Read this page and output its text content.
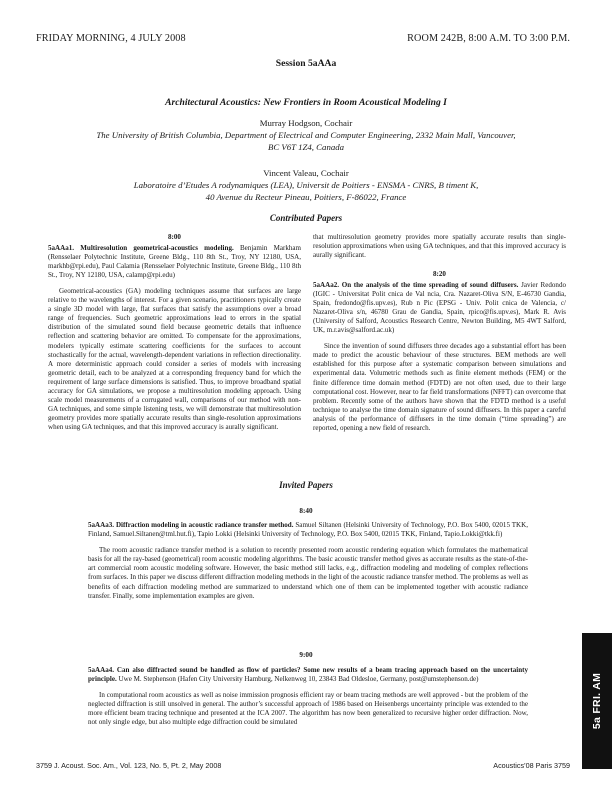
FRIDAY MORNING, 4 JULY 2008	ROOM 242B, 8:00 A.M. TO 3:00 P.M.
Session 5aAAa
Architectural Acoustics: New Frontiers in Room Acoustical Modeling I
Murray Hodgson, Cochair
The University of British Columbia, Department of Electrical and Computer Engineering, 2332 Main Mall, Vancouver,
BC V6T 1Z4, Canada
Vincent Valeau, Cochair
Laboratoire d’Etudes A rodynamiques (LEA), Universit de Poitiers - ENSMA - CNRS, B timent K,
40 Avenue du Recteur Pineau, Poitiers, F-86022, France
Contributed Papers

8:00

5aAAa1. Multiresolution geometrical-acoustics modeling. Benjamin Markham (Rensselaer Polytechnic Institute, Greene Bldg., 110 8th St., Troy, NY 12180, USA, markhb@rpi.edu), Paul Calamia (Rensselaer Polytechnic Institute, Greene Bldg., 110 8th St., Troy, NY 12180, USA, calamp@rpi.edu)

Geometrical-acoustics (GA) modeling techniques assume that surfaces are large relative to the wavelengths of interest. For a given scenario, practitioners typically create a single 3D model with large, flat surfaces that satisfy the assumptions over a broad range of frequencies. Such geometric approximations lead to errors in the spatial distribution of the simulated sound field because geometric details that influence reflection and scattering behavior are omitted. To compensate for the approximations, modelers typically estimate scattering coefficients for the surfaces to account stochastically for the actual, wavelength-dependent variations in reflection directionality. A more deterministic approach could consider a series of models with increasing geometric detail, each to be analyzed at a corresponding frequency band for which the requirement of large surface dimensions is satisfied. Thus, to improve broadband spatial accuracy for GA simulations, we propose a multiresolution modeling approach. Using scale model measurements of a corrugated wall, comparisons of our method with non-GA techniques, and some simple listening tests, we will demonstrate that multiresolution geometry provides more spatially accurate results than single-resolution approximations when using GA techniques, and that this improved accuracy is aurally significant.

that multiresolution geometry provides more spatially accurate results than single-resolution approximations when using GA techniques, and that this improved accuracy is aurally significant.

8:20

5aAAa2. On the analysis of the time spreading of sound diffusers. Javier Redondo (IGIC - Universitat Polit cnica de Val ncia, Cra. Nazaret-Oliva S/N, E-46730 Gandia, Spain, fredondo@fis.upv.es), Rub n Pic (EPSG - Univ. Polit cnica de Valencia, c/ Nazaret-Oliva s/n, 46780 Grau de Gandia, Spain, rpico@fis.upv.es), Mark R. Avis (University of Salford, Acoustics Research Centre, Newton Building, M5 4WT Salford, UK, m.r.avis@salford.ac.uk)

Since the invention of sound diffusers three decades ago a substantial effort has been made to predict the acoustic behaviour of these structures. BEM methods are well established for this purpose after a systematic comparison between simulations and experimental data. Volumetric methods such as finite element methods (FEM) or the finite difference time domain method (FDTD) are not often used, due to their large computational cost. However, near to far field transformations (NFFT) can overcome that problem. Recently some of the authors have shown that the FDTD method is a useful technique to analyse the time domain signature of sound diffusers. In this paper a careful analysis of the performance of diffusers in the time domain (“time spreading”) are reported, opening a new field of research.

Invited Papers
8:40

5aAAa3. Diffraction modeling in acoustic radiance transfer method. Samuel Siltanen (Helsinki University of Technology, P.O. Box 5400, 02015 TKK, Finland, Samuel.Siltanen@tml.hut.fi), Tapio Lokki (Helsinki University of Technology, P.O. Box 5400, 02015 TKK, Finland, Tapio.Lokki@tkk.fi)

The room acoustic radiance transfer method is a solution to recently presented room acoustic rendering equation which formulates the mathematical basis for all the ray-based (geometrical) room acoustic modeling algorithms. The basic acoustic transfer method gives as accurate results as the state-of-the-art commercial room acoustic modeling software. However, the basic method still lacks, e.g., diffraction modeling and modeling of complex reflections from surfaces. In this paper we discuss different diffraction modeling methods in the light of the acoustic radiance transfer method. The problems as well as benefits of each diffraction modeling method are summarized to understand which one of them can be implemented together with acoustic radiance transfer. Finally, some implementation examples are given.

9:00

5aAAa4. Can also diffracted sound be handled as flow of particles? Some new results of a beam tracing approach based on the uncertainty principle. Uwe M. Stephenson (Hafen City University Hamburg, Nelkenweg 10, 23843 Bad Oldesloe, Germany, post@umstephenson.de)

In computational room acoustics as well as noise immission prognosis efficient ray or beam tracing methods are well approved - but the problem of the neglected diffraction is still unsolved in general. The author’s successful approach of 1986 based on Heisenbergs uncertainty principle was extended to the more efficient beam tracing technique and presented at the ICA 2007. The algorithm has now been generalized to recursive higher order diffraction. Now, not only single edge, but also multiple edge diffraction could be simulated	5a FRI. AM
3759 J. Acoust. Soc. Am., Vol. 123, No. 5, Pt. 2, May 2008	Acoustics’08 Paris 3759
